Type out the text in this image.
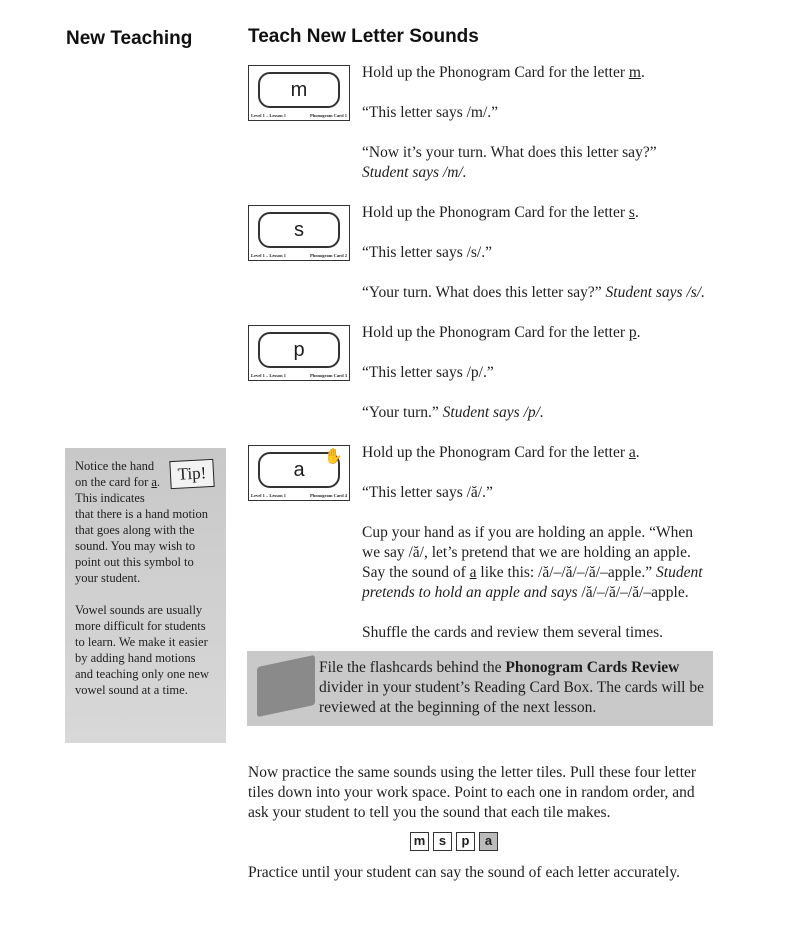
New Teaching	Teach New Letter Sounds
m
Level 1 – Lesson 1	Phonogram Card 1

Hold up the Phonogram Card for the letter m.

“This letter says /m/.”

“Now it’s your turn. What does this letter say?”
Student says /m/.

s
Level 1 – Lesson 1	Phonogram Card 2

Hold up the Phonogram Card for the letter s.

“This letter says /s/.”

“Your turn. What does this letter say?” Student says /s/.

p
Level 1 – Lesson 1	Phonogram Card 3

Hold up the Phonogram Card for the letter p.

“This letter says /p/.”

“Your turn.” Student says /p/.

a
✋
Level 1 – Lesson 1	Phonogram Card 4

Hold up the Phonogram Card for the letter a.

“This letter says /ă/.”

Cup your hand as if you are holding an apple. “When we say /ă/, let’s pretend that we are holding an apple. Say the sound of a like this: /ă/–/ă/–/ă/–apple.” Student pretends to hold an apple and says /ă/–/ă/–/ă/–apple.

Shuffle the cards and review them several times.

Tip!

Notice the hand on the card for a. This indicates that there is a hand motion that goes along with the sound. You may wish to point out this symbol to your student.

Vowel sounds are usually more difficult for students to learn. We make it easier by adding hand motions and teaching only one new vowel sound at a time.

File the flashcards behind the Phonogram Cards Review divider in your student’s Reading Card Box. The cards will be reviewed at the beginning of the next lesson.
Now practice the same sounds using the letter tiles. Pull these four letter tiles down into your work space. Point to each one in random order, and ask your student to tell you the sound that each tile makes.
m	s	p	a
Practice until your student can say the sound of each letter accurately.
